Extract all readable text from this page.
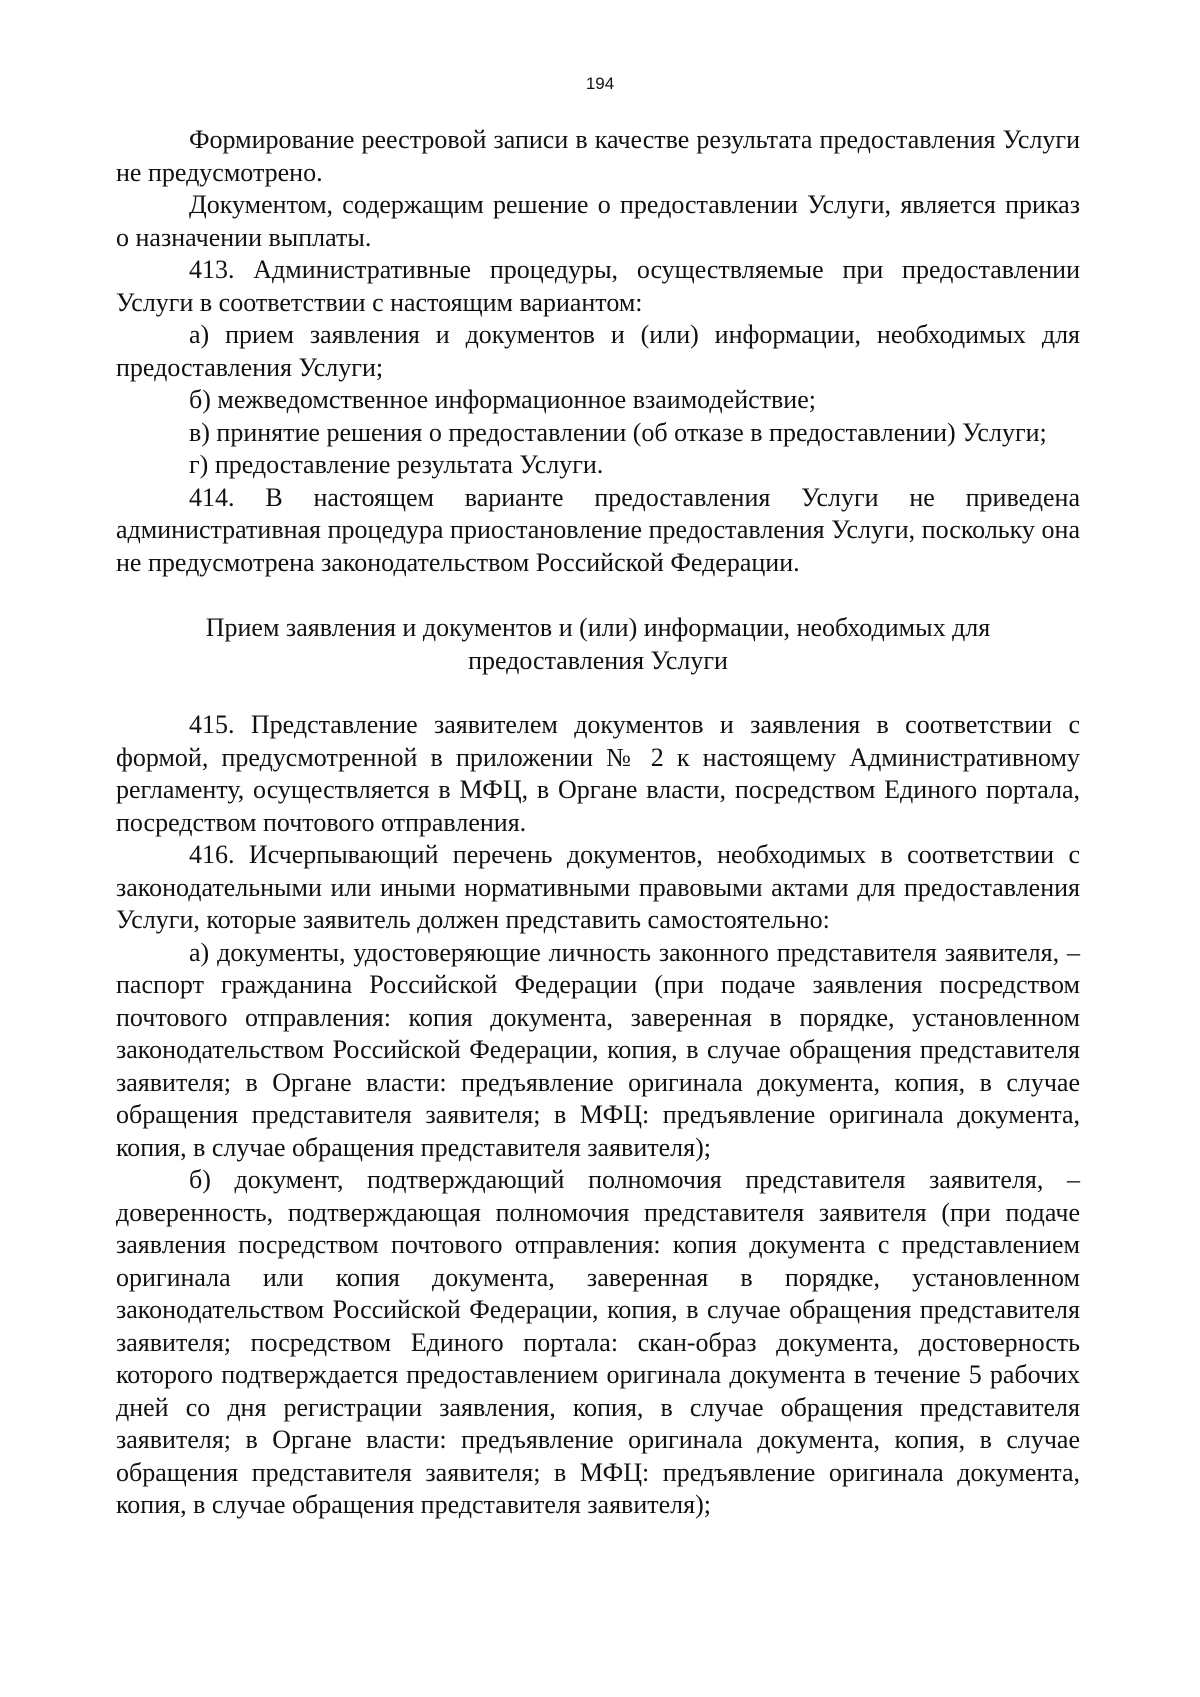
194

Формирование реестровой записи в качестве результата предоставления Услуги не предусмотрено.

Документом, содержащим решение о предоставлении Услуги, является приказ о назначении выплаты.

413. Административные процедуры, осуществляемые при предоставлении Услуги в соответствии с настоящим вариантом:

а) прием заявления и документов и (или) информации, необходимых для предоставления Услуги;

б) межведомственное информационное взаимодействие;

в) принятие решения о предоставлении (об отказе в предоставлении) Услуги;

г) предоставление результата Услуги.

414. В настоящем варианте предоставления Услуги не приведена административная процедура приостановление предоставления Услуги, поскольку она не предусмотрена законодательством Российской Федерации.

Прием заявления и документов и (или) информации, необходимых для

предоставления Услуги

415. Представление заявителем документов и заявления в соответствии с формой, предусмотренной в приложении № 2 к настоящему Административному регламенту, осуществляется в МФЦ, в Органе власти, посредством Единого портала, посредством почтового отправления.

416. Исчерпывающий перечень документов, необходимых в соответствии с законодательными или иными нормативными правовыми актами для предоставления Услуги, которые заявитель должен представить самостоятельно:

а) документы, удостоверяющие личность законного представителя заявителя, – паспорт гражданина Российской Федерации (при подаче заявления посредством почтового отправления: копия документа, заверенная в порядке, установленном законодательством Российской Федерации, копия, в случае обращения представителя заявителя; в Органе власти: предъявление оригинала документа, копия, в случае обращения представителя заявителя; в МФЦ: предъявление оригинала документа, копия, в случае обращения представителя заявителя);

б) документ, подтверждающий полномочия представителя заявителя, – доверенность, подтверждающая полномочия представителя заявителя (при подаче заявления посредством почтового отправления: копия документа с представлением оригинала или копия документа, заверенная в порядке, установленном законодательством Российской Федерации, копия, в случае обращения представителя заявителя; посредством Единого портала: скан-образ документа, достоверность которого подтверждается предоставлением оригинала документа в течение 5 рабочих дней со дня регистрации заявления, копия, в случае обращения представителя заявителя; в Органе власти: предъявление оригинала документа, копия, в случае обращения представителя заявителя; в МФЦ: предъявление оригинала документа, копия, в случае обращения представителя заявителя);
